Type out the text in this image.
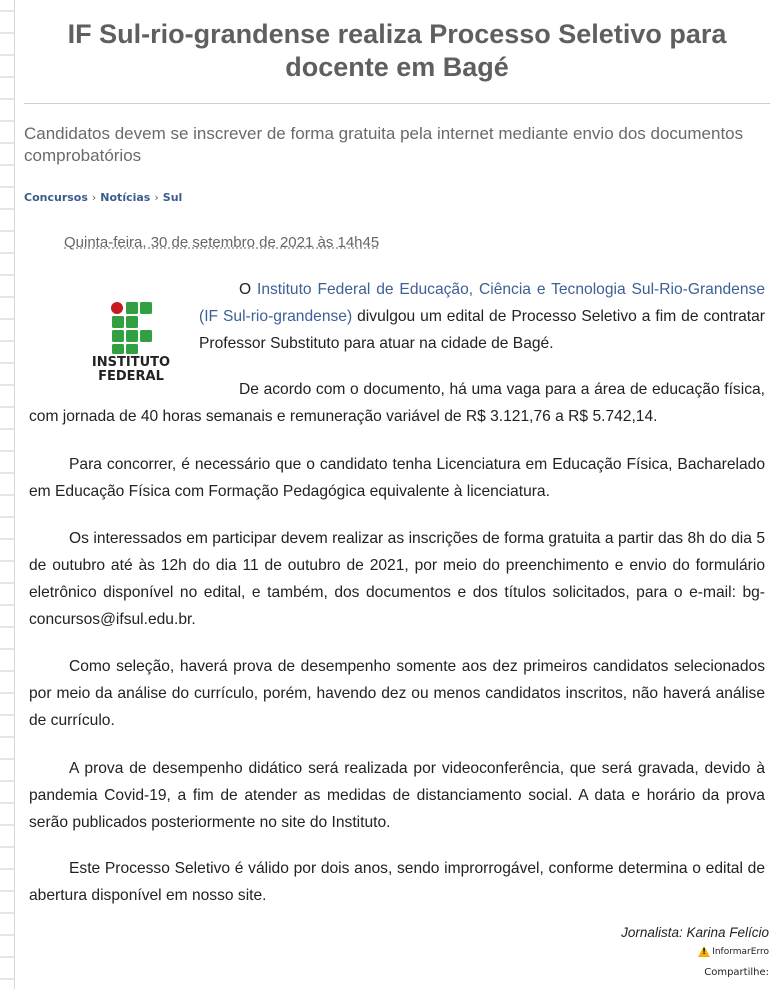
IF Sul-rio-grandense realiza Processo Seletivo para docente em Bagé
Candidatos devem se inscrever de forma gratuita pela internet mediante envio dos documentos comprobatórios
Concursos › Notícias › Sul
Quinta-feira, 30 de setembro de 2021 às 14h45
INSTITUTO
FEDERAL
O Instituto Federal de Educação, Ciência e Tecnologia Sul-Rio-Grandense (IF Sul-rio-grandense) divulgou um edital de Processo Seletivo a fim de contratar Professor Substituto para atuar na cidade de Bagé.
De acordo com o documento, há uma vaga para a área de educação física, com jornada de 40 horas semanais e remuneração variável de R$ 3.121,76 a R$ 5.742,14.
Para concorrer, é necessário que o candidato tenha Licenciatura em Educação Física, Bacharelado em Educação Física com Formação Pedagógica equivalente à licenciatura.
Os interessados em participar devem realizar as inscrições de forma gratuita a partir das 8h do dia 5 de outubro até às 12h do dia 11 de outubro de 2021, por meio do preenchimento e envio do formulário eletrônico disponível no edital, e também, dos documentos e dos títulos solicitados, para o e-mail: bg-concursos@ifsul.edu.br.
Como seleção, haverá prova de desempenho somente aos dez primeiros candidatos selecionados por meio da análise do currículo, porém, havendo dez ou menos candidatos inscritos, não haverá análise de currículo.
A prova de desempenho didático será realizada por videoconferência, que será gravada, devido à pandemia Covid-19, a fim de atender as medidas de distanciamento social. A data e horário da prova serão publicados posteriormente no site do Instituto.
Este Processo Seletivo é válido por dois anos, sendo improrrogável, conforme determina o edital de abertura disponível em nosso site.
Jornalista: Karina Felício
!
InformarErro
Compartilhe:
